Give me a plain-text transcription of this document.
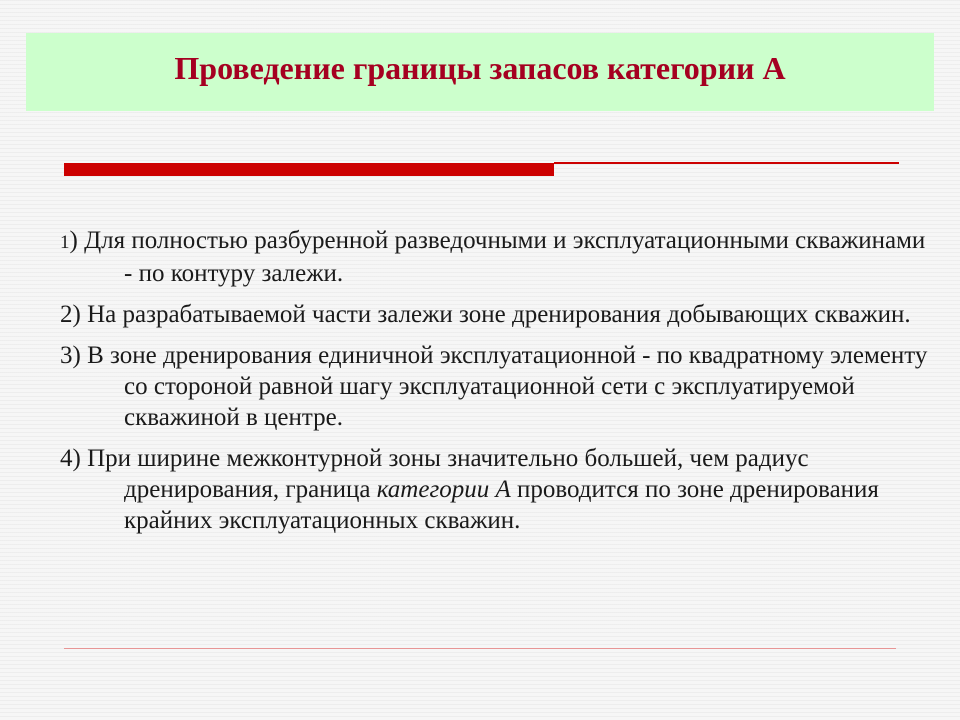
Проведение границы запасов категории А
1) Для полностью разбуренной разведочными и эксплуатационными скважинами - по контуру залежи.
2) На разрабатываемой части залежи зоне дренирования добывающих скважин.
3) В зоне дренирования единичной эксплуатационной - по квадратному элементу со стороной равной шагу эксплуатационной сети с эксплуатируемой скважиной в центре.
4) При ширине межконтурной зоны значительно большей, чем радиус дренирования, граница категории А проводится по зоне дренирования крайних эксплуатационных скважин.
